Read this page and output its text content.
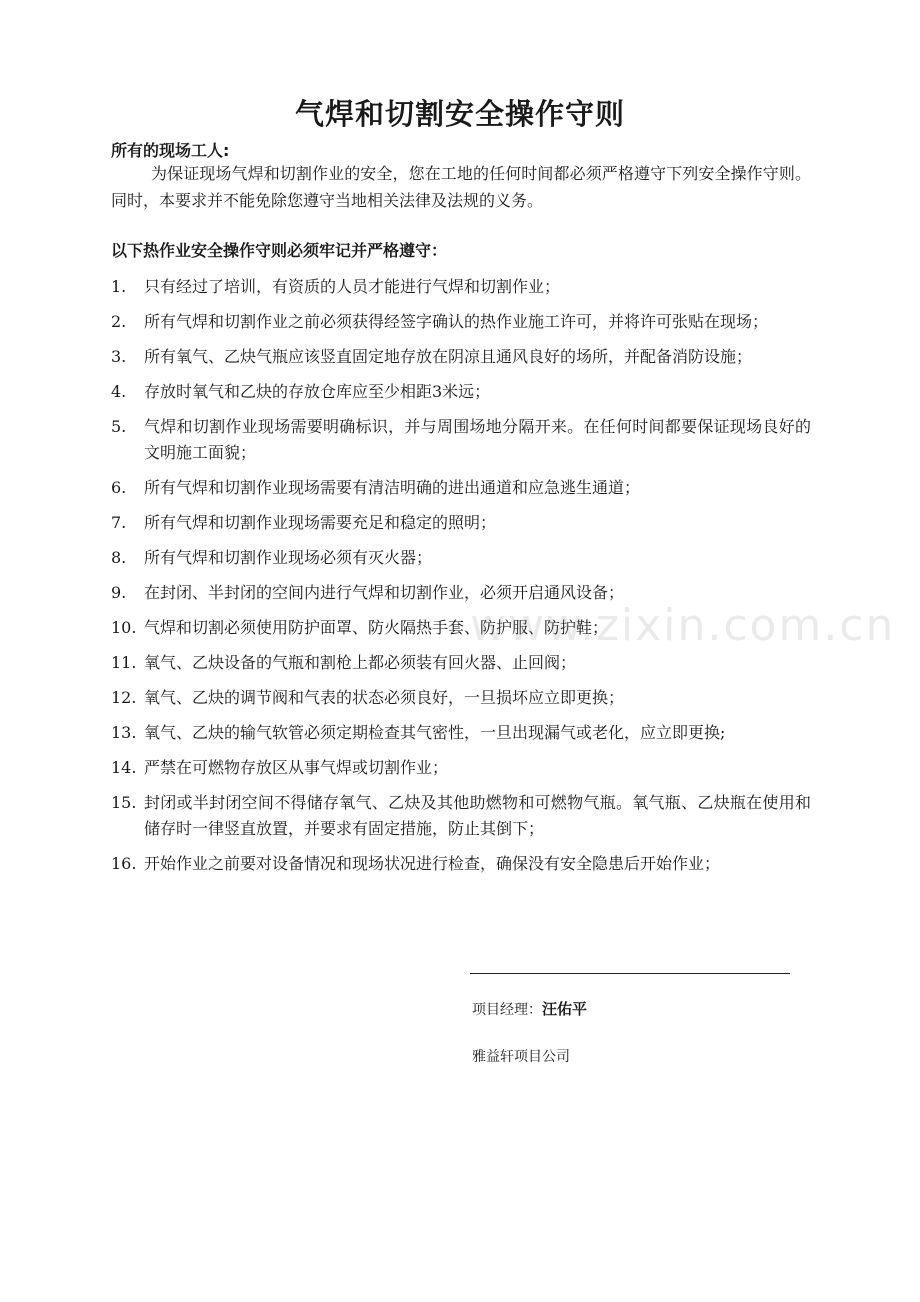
气焊和切割安全操作守则
所有的现场工人:
为保证现场气焊和切割作业的安全，您在工地的任何时间都必须严格遵守下列安全操作守则。同时，本要求并不能免除您遵守当地相关法律及法规的义务。
以下热作业安全操作守则必须牢记并严格遵守：
1. 只有经过了培训，有资质的人员才能进行气焊和切割作业；
2. 所有气焊和切割作业之前必须获得经签字确认的热作业施工许可，并将许可张贴在现场；
3. 所有氧气、乙炔气瓶应该竖直固定地存放在阴凉且通风良好的场所，并配备消防设施；
4. 存放时氧气和乙炔的存放仓库应至少相距3米远；
5. 气焊和切割作业现场需要明确标识，并与周围场地分隔开来。在任何时间都要保证现场良好的文明施工面貌；
6. 所有气焊和切割作业现场需要有清洁明确的进出通道和应急逃生通道；
7. 所有气焊和切割作业现场需要充足和稳定的照明；
8. 所有气焊和切割作业现场必须有灭火器；
9. 在封闭、半封闭的空间内进行气焊和切割作业，必须开启通风设备；
10. 气焊和切割必须使用防护面罩、防火隔热手套、防护服、防护鞋；
11. 氧气、乙炔设备的气瓶和割枪上都必须装有回火器、止回阀；
12. 氧气、乙炔的调节阀和气表的状态必须良好，一旦损坏应立即更换；
13. 氧气、乙炔的输气软管必须定期检查其气密性，一旦出现漏气或老化，应立即更换;
14. 严禁在可燃物存放区从事气焊或切割作业；
15. 封闭或半封闭空间不得储存氧气、乙炔及其他助燃物和可燃物气瓶。氧气瓶、乙炔瓶在使用和储存时一律竖直放置，并要求有固定措施，防止其倒下；
16. 开始作业之前要对设备情况和现场状况进行检查，确保没有安全隐患后开始作业；
www.zixin.com.cn
项目经理：汪佑平
雅益轩项目公司
